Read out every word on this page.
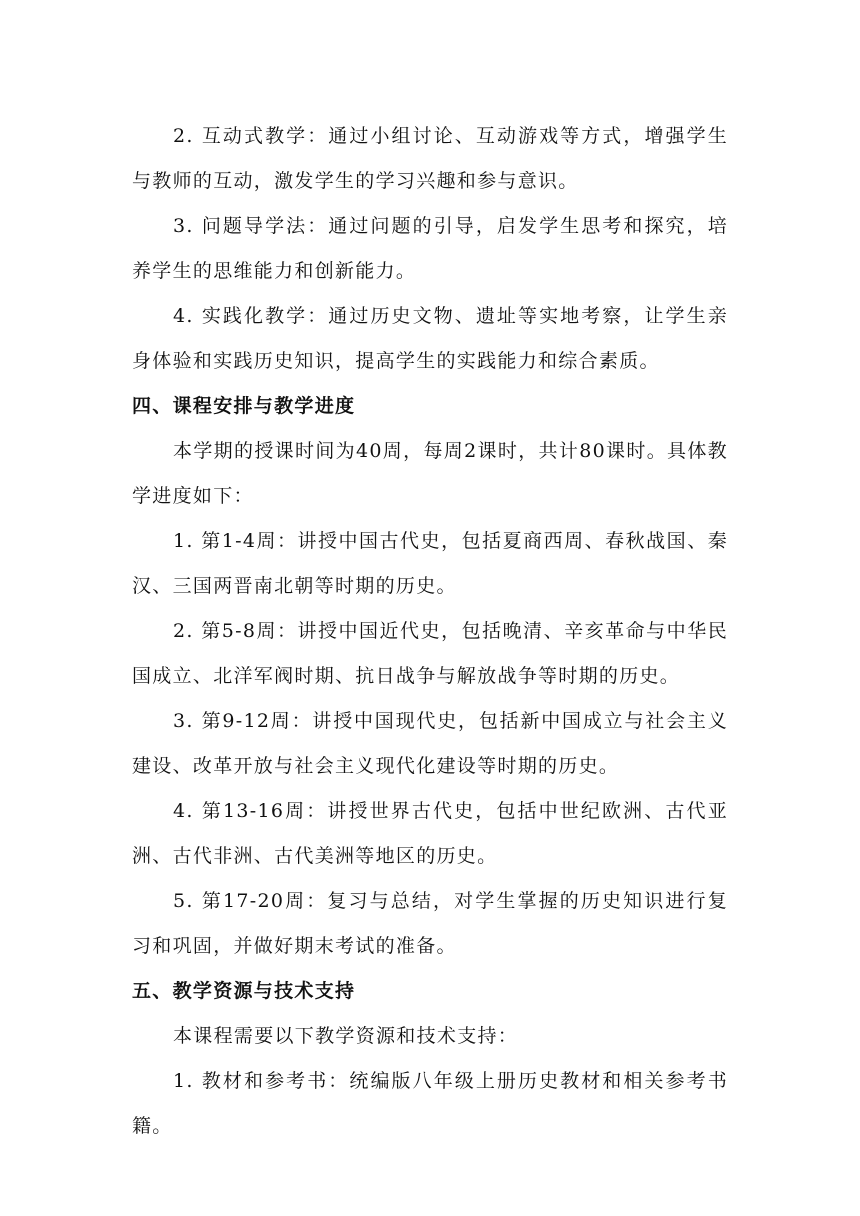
2. 互动式教学：通过小组讨论、互动游戏等方式，增强学生与教师的互动，激发学生的学习兴趣和参与意识。

3. 问题导学法：通过问题的引导，启发学生思考和探究，培养学生的思维能力和创新能力。

4. 实践化教学：通过历史文物、遗址等实地考察，让学生亲身体验和实践历史知识，提高学生的实践能力和综合素质。

四、课程安排与教学进度

本学期的授课时间为40周，每周2课时，共计80课时。具体教学进度如下：

1. 第1-4周：讲授中国古代史，包括夏商西周、春秋战国、秦汉、三国两晋南北朝等时期的历史。

2. 第5-8周：讲授中国近代史，包括晚清、辛亥革命与中华民国成立、北洋军阀时期、抗日战争与解放战争等时期的历史。

3. 第9-12周：讲授中国现代史，包括新中国成立与社会主义建设、改革开放与社会主义现代化建设等时期的历史。

4. 第13-16周：讲授世界古代史，包括中世纪欧洲、古代亚洲、古代非洲、古代美洲等地区的历史。

5. 第17-20周：复习与总结，对学生掌握的历史知识进行复习和巩固，并做好期末考试的准备。

五、教学资源与技术支持

本课程需要以下教学资源和技术支持：

1. 教材和参考书：统编版八年级上册历史教材和相关参考书籍。
